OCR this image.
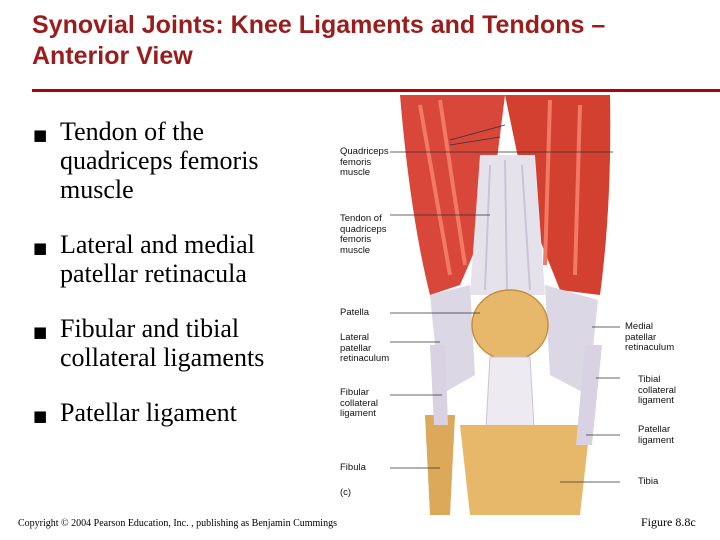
Synovial Joints: Knee Ligaments and Tendons –
Anterior View
■ Tendon of the
quadriceps femoris
muscle
■ Lateral and medial
patellar retinacula
■ Fibular and tibial
collateral ligaments
■ Patellar ligament
Quadriceps
femoris
muscle
Tendon of
quadriceps
femoris
muscle
Patella
Lateral
patellar
retinaculum
Fibular
collateral
ligament
Fibula
(c)
Medial
patellar
retinaculum
Tibial
collateral
ligament
Patellar
ligament
Tibia
Copyright © 2004 Pearson Education, Inc. , publishing as Benjamin Cummings	Figure 8.8c
